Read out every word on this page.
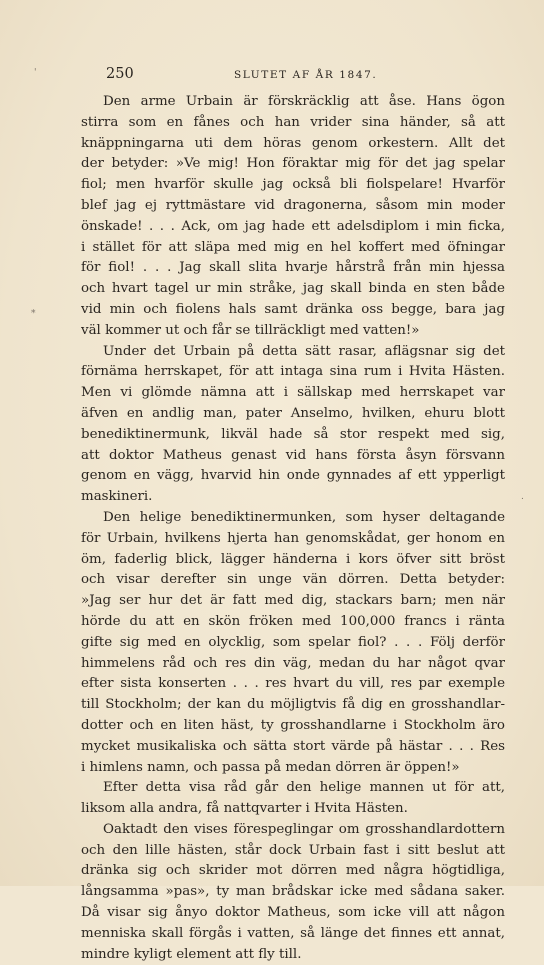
'
*
.
250	SLUTET AF ÅR 1847.
Den arme Urbain är förskräcklig att åse. Hans ögon
stirra som en fånes och han vrider sina händer, så att
knäppningarna uti dem höras genom orkestern. Allt det
der betyder: »Ve mig! Hon föraktar mig för det jag spelar
fiol; men hvarför skulle jag också bli fiolspelare! Hvarför
blef jag ej ryttmästare vid dragonerna, såsom min moder
önskade! . . . Ack, om jag hade ett adelsdiplom i min ficka,
i stället för att släpa med mig en hel koffert med öfningar
för fiol! . . . Jag skall slita hvarje hårstrå från min hjessa
och hvart tagel ur min stråke, jag skall binda en sten både
vid min och fiolens hals samt dränka oss begge, bara jag
väl kommer ut och får se tillräckligt med vatten!»
Under det Urbain på detta sätt rasar, aflägsnar sig det
förnäma herrskapet, för att intaga sina rum i Hvita Hästen.
Men vi glömde nämna att i sällskap med herrskapet var
äfven en andlig man, pater Anselmo, hvilken, ehuru blott
benediktinermunk, likväl hade så stor respekt med sig,
att doktor Matheus genast vid hans första åsyn försvann
genom en vägg, hvarvid hin onde gynnades af ett ypperligt
maskineri.
Den helige benediktinermunken, som hyser deltagande
för Urbain, hvilkens hjerta han genomskådat, ger honom en
öm, faderlig blick, lägger händerna i kors öfver sitt bröst
och visar derefter sin unge vän dörren. Detta betyder:
»Jag ser hur det är fatt med dig, stackars barn; men när
hörde du att en skön fröken med 100,000 francs i ränta
gifte sig med en olycklig, som spelar fiol? . . . Följ derför
himmelens råd och res din väg, medan du har något qvar
efter sista konserten . . . res hvart du vill, res par exemple
till Stockholm; der kan du möjligtvis få dig en grosshandlar-
dotter och en liten häst, ty grosshandlarne i Stockholm äro
mycket musikaliska och sätta stort värde på hästar . . . Res
i himlens namn, och passa på medan dörren är öppen!»
Efter detta visa råd går den helige mannen ut för att,
liksom alla andra, få nattqvarter i Hvita Hästen.
Oaktadt den vises förespeglingar om grosshandlardottern
och den lille hästen, står dock Urbain fast i sitt beslut att
dränka sig och skrider mot dörren med några högtidliga,
långsamma »pas», ty man brådskar icke med sådana saker.
Då visar sig ånyo doktor Matheus, som icke vill att någon
menniska skall förgås i vatten, så länge det finnes ett annat,
mindre kyligt element att fly till.
